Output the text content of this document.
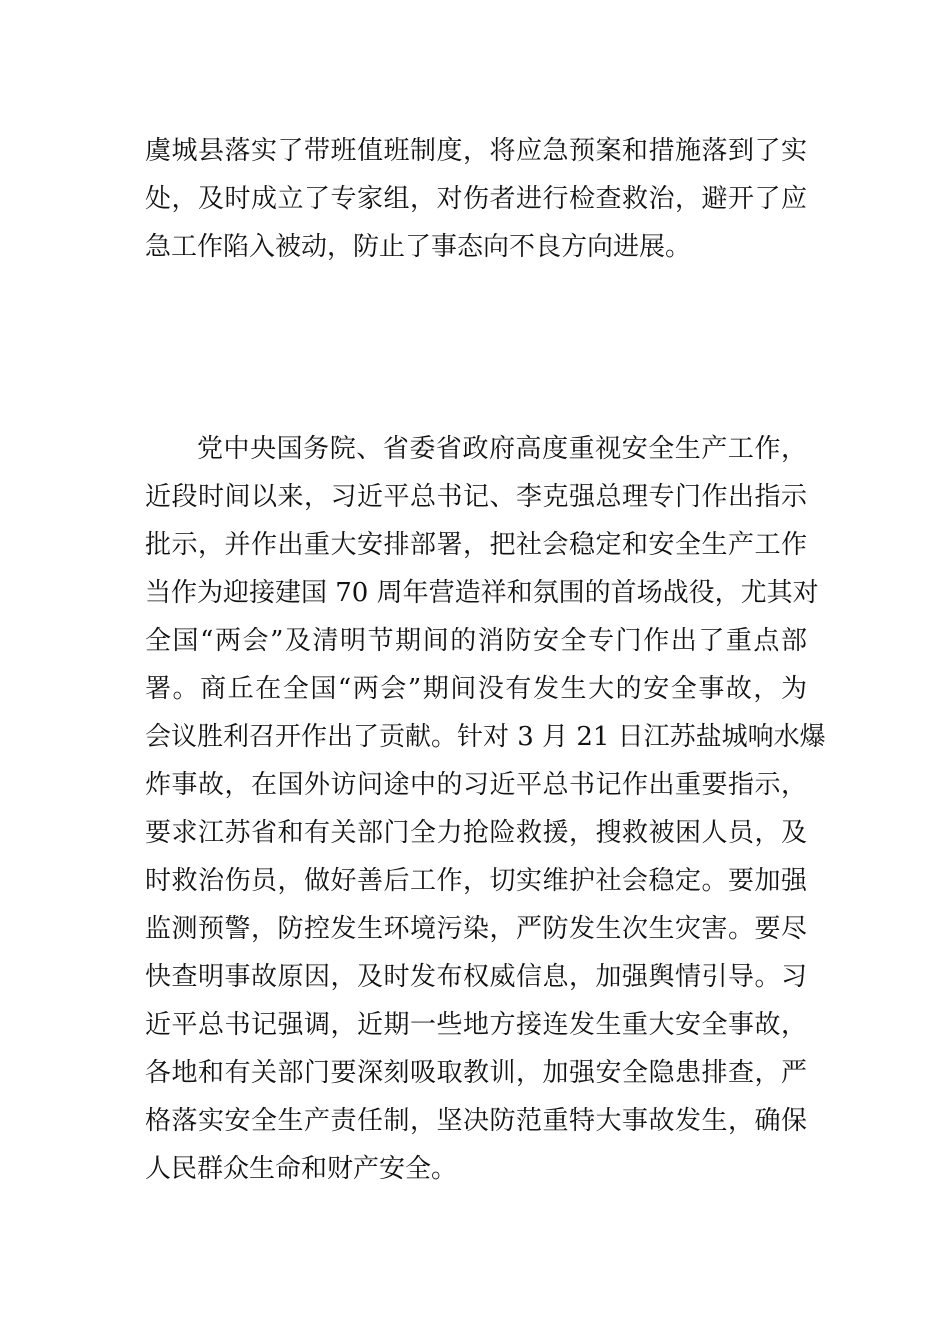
虞城县落实了带班值班制度，将应急预案和措施落到了实
处，及时成立了专家组，对伤者进行检查救治，避开了应
急工作陷入被动，防止了事态向不良方向进展。
党中央国务院、省委省政府高度重视安全生产工作，
近段时间以来，习近平总书记、李克强总理专门作出指示
批示，并作出重大安排部署，把社会稳定和安全生产工作
当作为迎接建国 70 周年营造祥和氛围的首场战役，尤其对
全国“两会”及清明节期间的消防安全专门作出了重点部
署。商丘在全国“两会”期间没有发生大的安全事故，为
会议胜利召开作出了贡献。针对 3 月 21 日江苏盐城响水爆
炸事故，在国外访问途中的习近平总书记作出重要指示，
要求江苏省和有关部门全力抢险救援，搜救被困人员，及
时救治伤员，做好善后工作，切实维护社会稳定。要加强
监测预警，防控发生环境污染，严防发生次生灾害。要尽
快查明事故原因，及时发布权威信息，加强舆情引导。习
近平总书记强调，近期一些地方接连发生重大安全事故，
各地和有关部门要深刻吸取教训，加强安全隐患排查，严
格落实安全生产责任制，坚决防范重特大事故发生，确保
人民群众生命和财产安全。
